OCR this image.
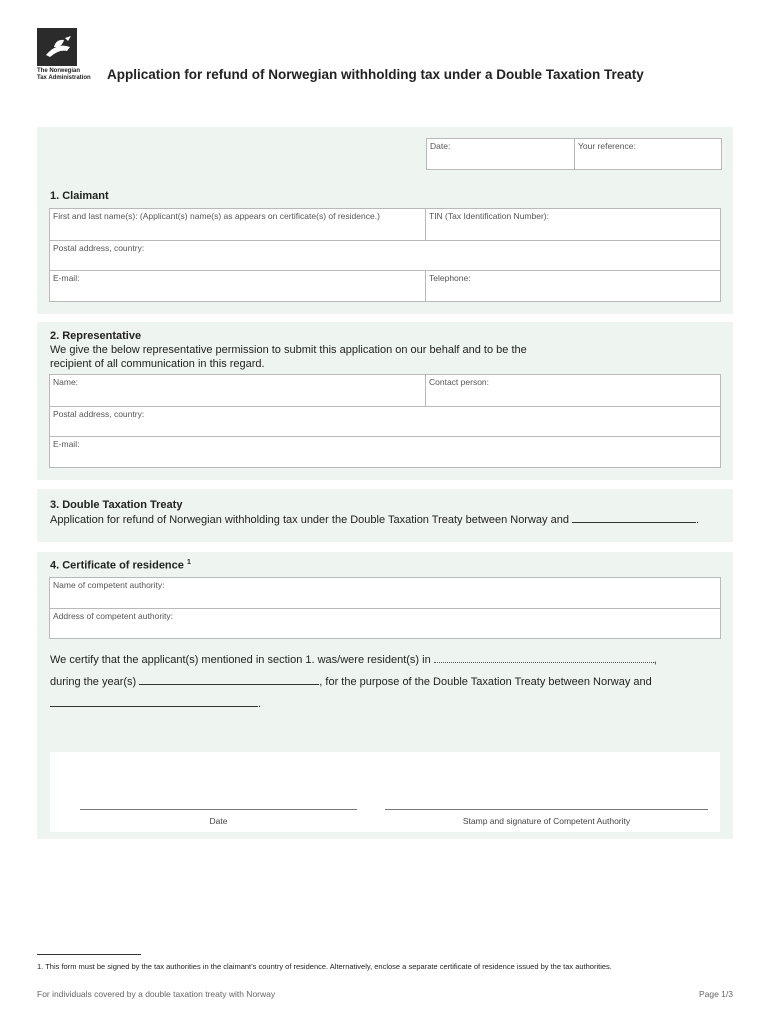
The Norwegian
Tax Administration	Application for refund of Norwegian withholding tax under a Double Taxation Treaty
Date:	Your reference:
1. Claimant
First and last name(s): (Applicant(s) name(s) as appears on certificate(s) of residence.)	TIN (Tax Identification Number):
Postal address, country:
E-mail:	Telephone:
2. Representative
We give the below representative permission to submit this application on our behalf and to be the
recipient of all communication in this regard.
Name:	Contact person:
Postal address, country:
E-mail:
3. Double Taxation Treaty
Application for refund of Norwegian withholding tax under the Double Taxation Treaty between Norway and	.
4. Certificate of residence $^1$
Name of competent authority:
Address of competent authority:
We certify that the applicant(s) mentioned in section 1. was/were resident(s) in	,
during the year(s)	, for the purpose of the Double Taxation Treaty between Norway and
.
Date	Stamp and signature of Competent Authority
1. This form must be signed by the tax authorities in the claimant’s country of residence. Alternatively, enclose a separate certificate of residence issued by the tax authorities.
For individuals covered by a double taxation treaty with Norway	Page 1/3
